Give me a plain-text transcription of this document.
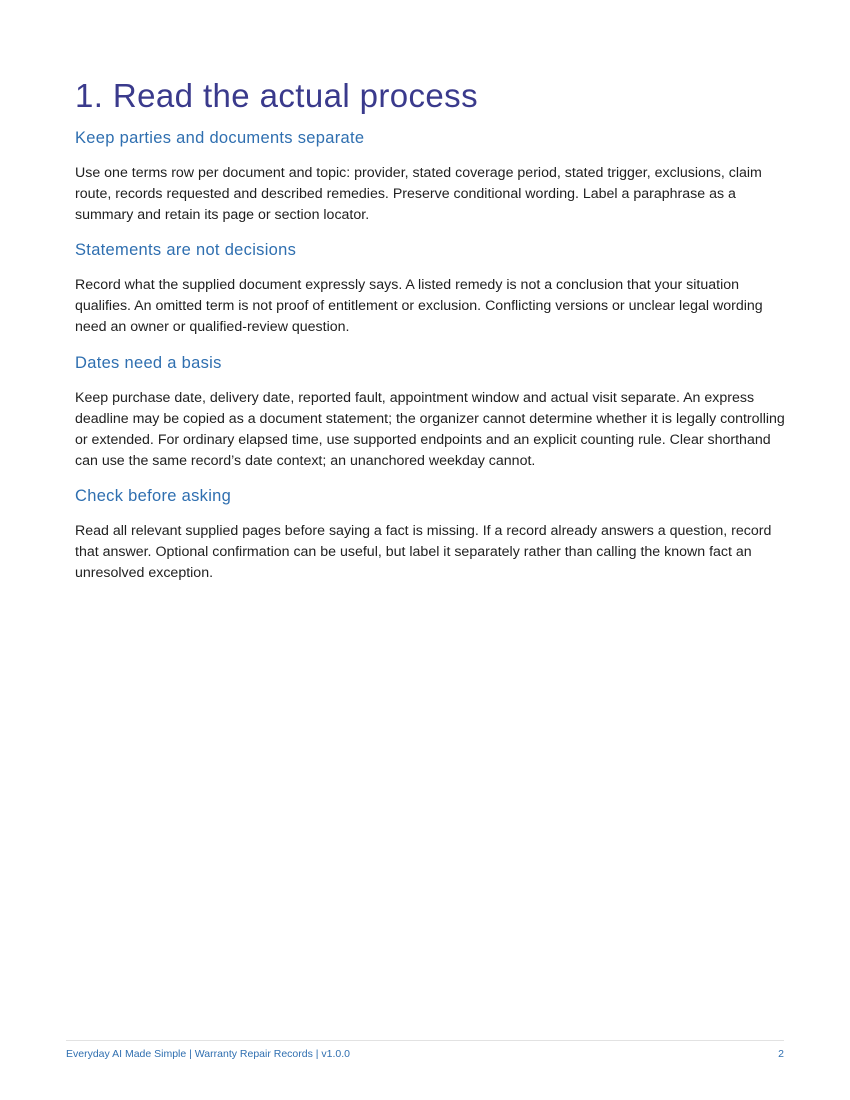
1. Read the actual process
Keep parties and documents separate

Use one terms row per document and topic: provider, stated coverage period, stated trigger, exclusions, claim route, records requested and described remedies. Preserve conditional wording. Label a paraphrase as a summary and retain its page or section locator.

Statements are not decisions

Record what the supplied document expressly says. A listed remedy is not a conclusion that your situation qualifies. An omitted term is not proof of entitlement or exclusion. Conflicting versions or unclear legal wording need an owner or qualified-review question.

Dates need a basis

Keep purchase date, delivery date, reported fault, appointment window and actual visit separate. An express deadline may be copied as a document statement; the organizer cannot determine whether it is legally controlling or extended. For ordinary elapsed time, use supported endpoints and an explicit counting rule. Clear shorthand can use the same record’s date context; an unanchored weekday cannot.

Check before asking

Read all relevant supplied pages before saying a fact is missing. If a record already answers a question, record that answer. Optional confirmation can be useful, but label it separately rather than calling the known fact an unresolved exception.

Everyday AI Made Simple | Warranty Repair Records | v1.0.0	2
